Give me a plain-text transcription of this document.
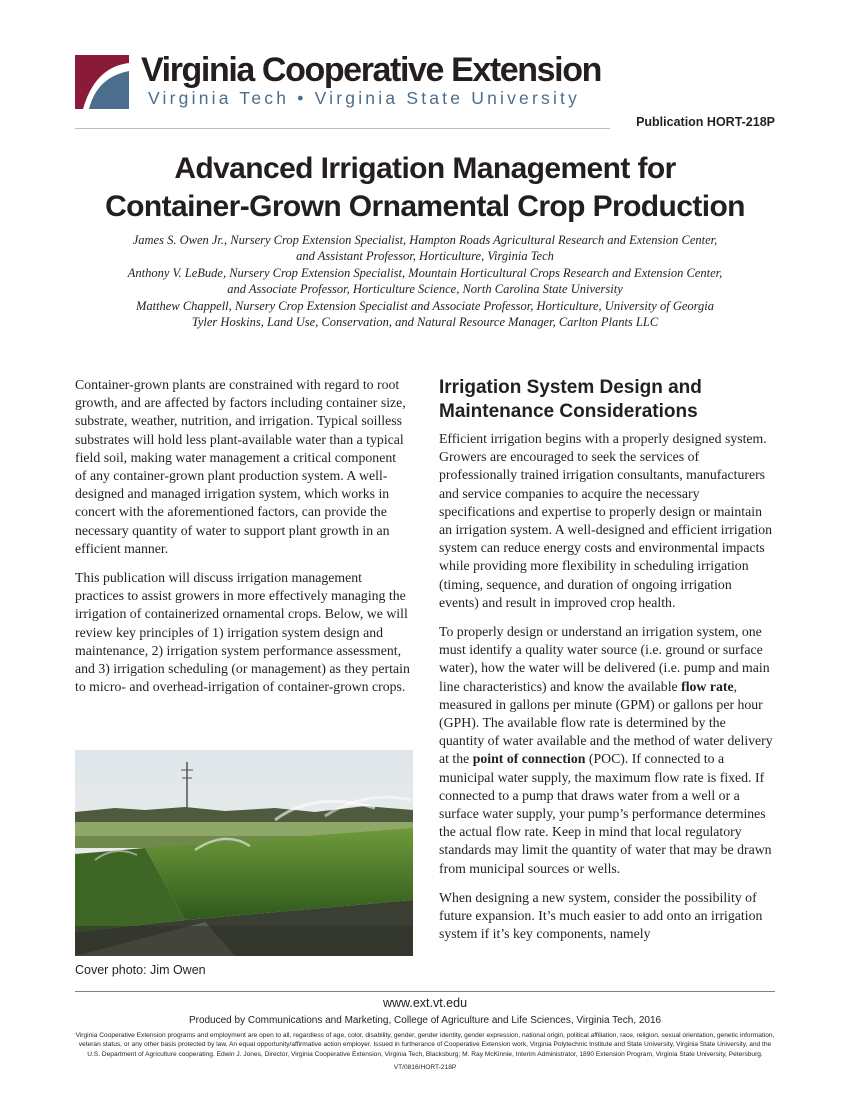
Virginia Cooperative Extension
Virginia Tech • Virginia State University
Publication HORT-218P
Advanced Irrigation Management for
Container-Grown Ornamental Crop Production
James S. Owen Jr., Nursery Crop Extension Specialist, Hampton Roads Agricultural Research and Extension Center,
and Assistant Professor, Horticulture, Virginia Tech
Anthony V. LeBude, Nursery Crop Extension Specialist, Mountain Horticultural Crops Research and Extension Center,
and Associate Professor, Horticulture Science, North Carolina State University
Matthew Chappell, Nursery Crop Extension Specialist and Associate Professor, Horticulture, University of Georgia
Tyler Hoskins, Land Use, Conservation, and Natural Resource Manager, Carlton Plants LLC

Container-grown plants are constrained with regard to root growth, and are affected by factors including container size, substrate, weather, nutrition, and irrigation. Typical soilless substrates will hold less plant-available water than a typical field soil, making water management a critical component of any container-grown plant production system. A well-designed and managed irrigation system, which works in concert with the aforementioned factors, can provide the necessary quantity of water to support plant growth in an efficient manner.

This publication will discuss irrigation management practices to assist growers in more effectively managing the irrigation of containerized ornamental crops. Below, we will review key principles of 1) irrigation system design and maintenance, 2) irrigation system performance assessment, and 3) irrigation scheduling (or management) as they pertain to micro- and overhead-irrigation of container-grown crops.

Cover photo: Jim Owen
Irrigation System Design and Maintenance Considerations

Efficient irrigation begins with a properly designed system. Growers are encouraged to seek the services of professionally trained irrigation consultants, manufacturers and service companies to acquire the necessary specifications and expertise to properly design or maintain an irrigation system. A well-designed and efficient irrigation system can reduce energy costs and environmental impacts while providing more flexibility in scheduling irrigation (timing, sequence, and duration of ongoing irrigation events) and result in improved crop health.

To properly design or understand an irrigation system, one must identify a quality water source (i.e. ground or surface water), how the water will be delivered (i.e. pump and main line characteristics) and know the available flow rate, measured in gallons per minute (GPM) or gallons per hour (GPH). The available flow rate is determined by the quantity of water available and the method of water delivery at the point of connection (POC). If connected to a municipal water supply, the maximum flow rate is fixed. If connected to a pump that draws water from a well or a surface water supply, your pump’s performance determines the actual flow rate. Keep in mind that local regulatory standards may limit the quantity of water that may be drawn from municipal sources or wells.

When designing a new system, consider the possibility of future expansion. It’s much easier to add onto an irrigation system if it’s key components, namely

www.ext.vt.edu
Produced by Communications and Marketing, College of Agriculture and Life Sciences, Virginia Tech, 2016
Virginia Cooperative Extension programs and employment are open to all, regardless of age, color, disability, gender, gender identity, gender expression, national origin, political affiliation, race, religion, sexual orientation, genetic information, veteran status, or any other basis protected by law. An equal opportunity/affirmative action employer. Issued in furtherance of Cooperative Extension work, Virginia Polytechnic Institute and State University, Virginia State University, and the U.S. Department of Agriculture cooperating. Edwin J. Jones, Director, Virginia Cooperative Extension, Virginia Tech, Blacksburg; M. Ray McKinnie, Interim Administrator, 1890 Extension Program, Virginia State University, Petersburg.
VT/0816/HORT-218P
